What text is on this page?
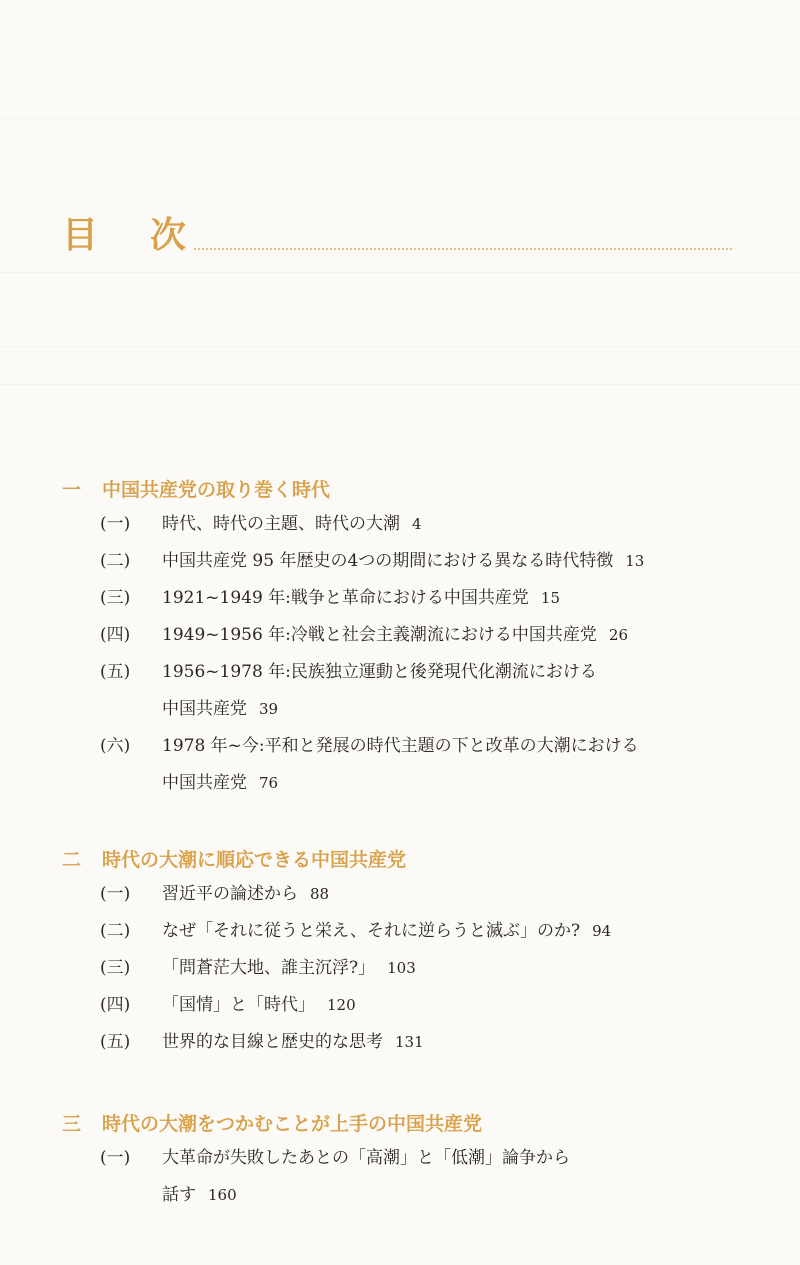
目 次
一	中国共産党の取り巻く時代
(一) 時代、時代の主題、時代の大潮 4
(二) 中国共産党 95 年歴史の4つの期間における異なる時代特徴 13
(三) 1921~1949 年:戦争と革命における中国共産党 15
(四) 1949~1956 年:冷戦と社会主義潮流における中国共産党 26
(五) 1956~1978 年:民族独立運動と後発現代化潮流における
中国共産党 39
(六) 1978 年~今:平和と発展の時代主題の下と改革の大潮における
中国共産党 76
二	時代の大潮に順応できる中国共産党
(一) 習近平の論述から 88
(二) なぜ「それに従うと栄え、それに逆らうと滅ぶ」のか? 94
(三) 「問蒼茫大地、誰主沉浮?」 103
(四) 「国情」と「時代」 120
(五) 世界的な目線と歴史的な思考 131
三	時代の大潮をつかむことが上手の中国共産党
(一) 大革命が失敗したあとの「高潮」と「低潮」論争から
話す 160
